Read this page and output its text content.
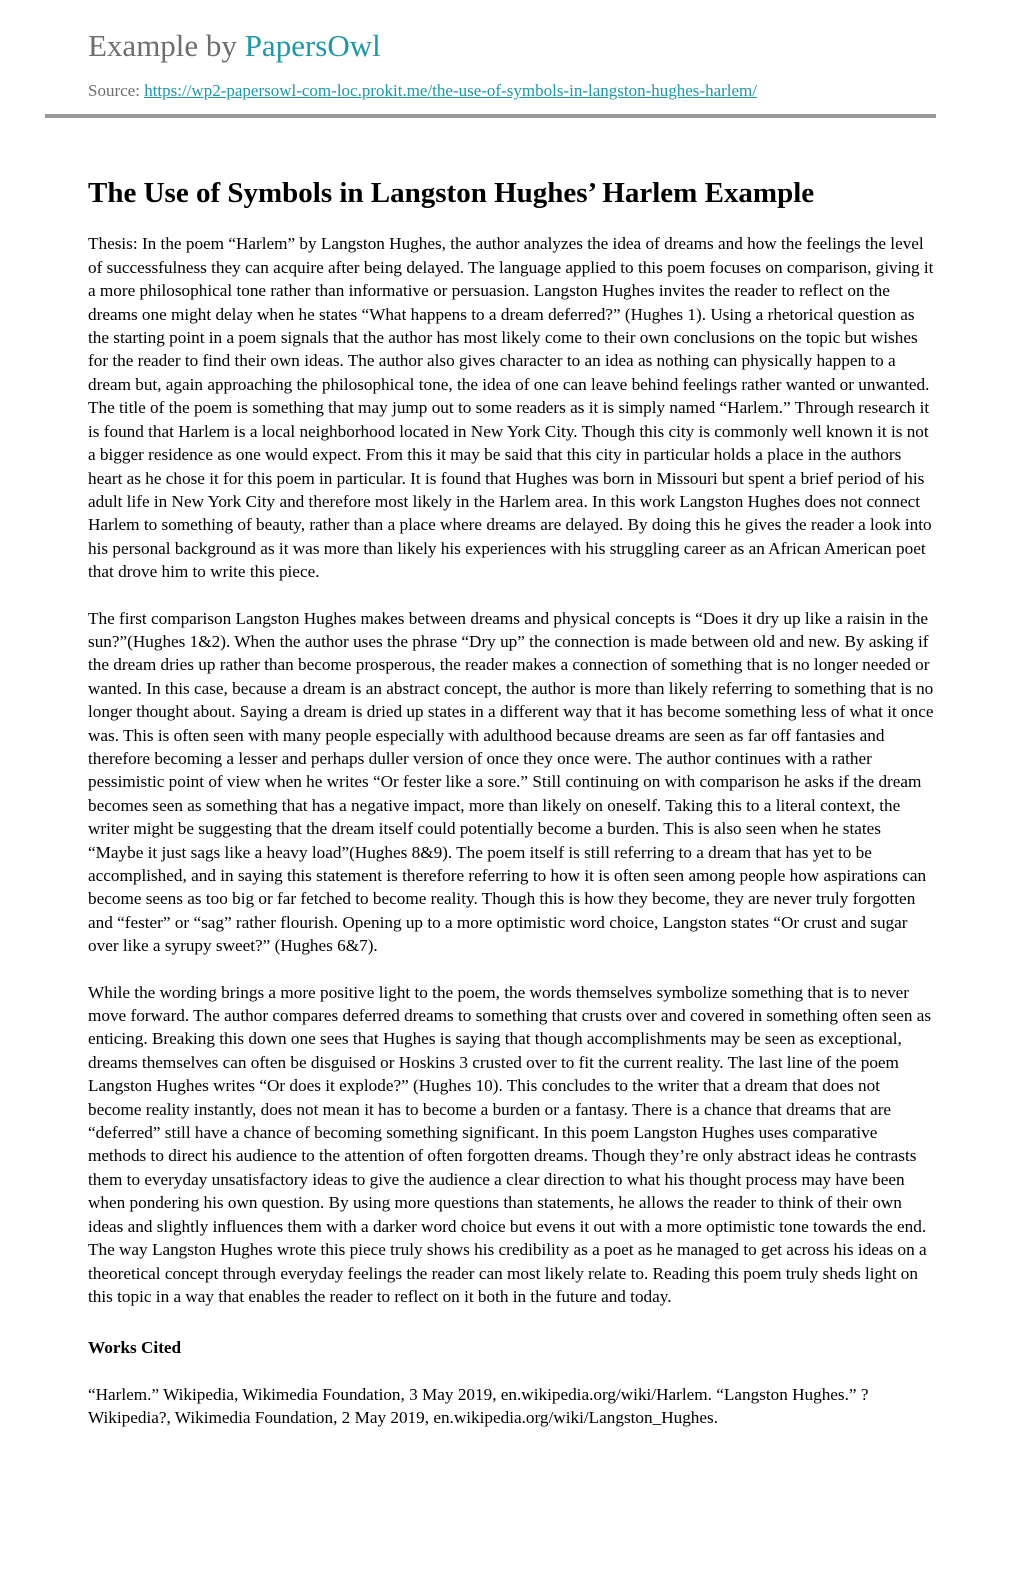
Example by PapersOwl
Source: https://wp2-papersowl-com-loc.prokit.me/the-use-of-symbols-in-langston-hughes-harlem/
The Use of Symbols in Langston Hughes’ Harlem Example

Thesis: In the poem “Harlem” by Langston Hughes, the author analyzes the idea of dreams and how the feelings the level of successfulness they can acquire after being delayed. The language applied to this poem focuses on comparison, giving it a more philosophical tone rather than informative or persuasion. Langston Hughes invites the reader to reflect on the dreams one might delay when he states “What happens to a dream deferred?” (Hughes 1). Using a rhetorical question as the starting point in a poem signals that the author has most likely come to their own conclusions on the topic but wishes for the reader to find their own ideas. The author also gives character to an idea as nothing can physically happen to a dream but, again approaching the philosophical tone, the idea of one can leave behind feelings rather wanted or unwanted. The title of the poem is something that may jump out to some readers as it is simply named “Harlem.” Through research it is found that Harlem is a local neighborhood located in New York City. Though this city is commonly well known it is not a bigger residence as one would expect. From this it may be said that this city in particular holds a place in the authors heart as he chose it for this poem in particular. It is found that Hughes was born in Missouri but spent a brief period of his adult life in New York City and therefore most likely in the Harlem area. In this work Langston Hughes does not connect Harlem to something of beauty, rather than a place where dreams are delayed. By doing this he gives the reader a look into his personal background as it was more than likely his experiences with his struggling career as an African American poet that drove him to write this piece.

The first comparison Langston Hughes makes between dreams and physical concepts is “Does it dry up like a raisin in the sun?”(Hughes 1&2). When the author uses the phrase “Dry up” the connection is made between old and new. By asking if the dream dries up rather than become prosperous, the reader makes a connection of something that is no longer needed or wanted. In this case, because a dream is an abstract concept, the author is more than likely referring to something that is no longer thought about. Saying a dream is dried up states in a different way that it has become something less of what it once was. This is often seen with many people especially with adulthood because dreams are seen as far off fantasies and therefore becoming a lesser and perhaps duller version of once they once were. The author continues with a rather pessimistic point of view when he writes “Or fester like a sore.” Still continuing on with comparison he asks if the dream becomes seen as something that has a negative impact, more than likely on oneself. Taking this to a literal context, the writer might be suggesting that the dream itself could potentially become a burden. This is also seen when he states “Maybe it just sags like a heavy load”(Hughes 8&9). The poem itself is still referring to a dream that has yet to be accomplished, and in saying this statement is therefore referring to how it is often seen among people how aspirations can become seens as too big or far fetched to become reality. Though this is how they become, they are never truly forgotten and “fester” or “sag” rather flourish. Opening up to a more optimistic word choice, Langston states “Or crust and sugar over like a syrupy sweet?” (Hughes 6&7).

While the wording brings a more positive light to the poem, the words themselves symbolize something that is to never move forward. The author compares deferred dreams to something that crusts over and covered in something often seen as enticing. Breaking this down one sees that Hughes is saying that though accomplishments may be seen as exceptional, dreams themselves can often be disguised or Hoskins 3 crusted over to fit the current reality. The last line of the poem Langston Hughes writes “Or does it explode?” (Hughes 10). This concludes to the writer that a dream that does not become reality instantly, does not mean it has to become a burden or a fantasy. There is a chance that dreams that are “deferred” still have a chance of becoming something significant. In this poem Langston Hughes uses comparative methods to direct his audience to the attention of often forgotten dreams. Though they’re only abstract ideas he contrasts them to everyday unsatisfactory ideas to give the audience a clear direction to what his thought process may have been when pondering his own question. By using more questions than statements, he allows the reader to think of their own ideas and slightly influences them with a darker word choice but evens it out with a more optimistic tone towards the end. The way Langston Hughes wrote this piece truly shows his credibility as a poet as he managed to get across his ideas on a theoretical concept through everyday feelings the reader can most likely relate to. Reading this poem truly sheds light on this topic in a way that enables the reader to reflect on it both in the future and today.

Works Cited

“Harlem.” Wikipedia, Wikimedia Foundation, 3 May 2019, en.wikipedia.org/wiki/Harlem. “Langston Hughes.” ?Wikipedia?, Wikimedia Foundation, 2 May 2019, en.wikipedia.org/wiki/Langston_Hughes.
